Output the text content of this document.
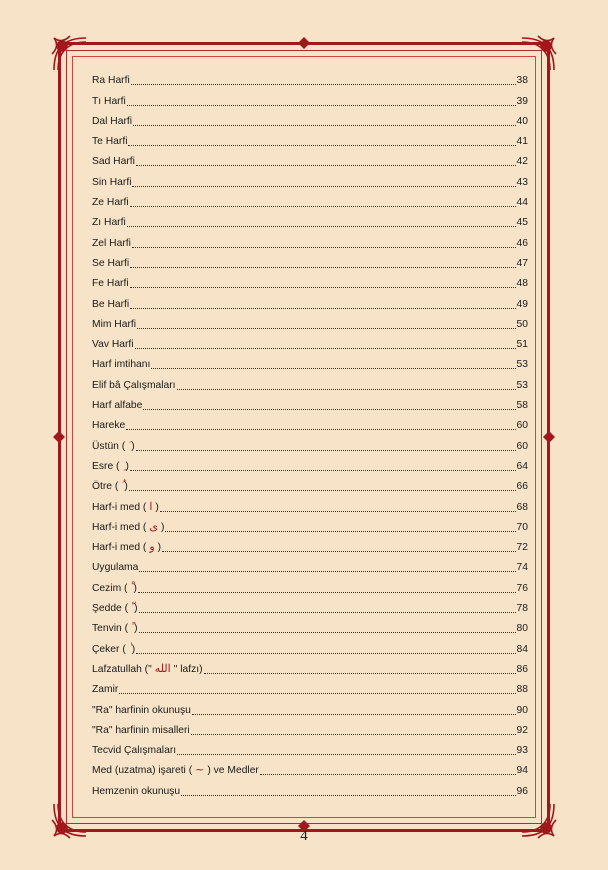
Ra Harfi	38
Tı Harfi	39
Dal Harfi	40
Te Harfi	41
Sad Harfi	42
Sin Harfi	43
Ze Harfi	44
Zı Harfi	45
Zel Harfi	46
Se Harfi	47
Fe Harfi	48
Be Harfi	49
Mim Harfi	50
Vav Harfi	51
Harf imtihanı	53
Elif bâ Çalışmaları	53
Harf alfabe	58
Hareke	60
Üstün ( )	60
Esre ( )	64
Ötre ( )	66
Harf-i med ( ا )	68
Harf-i med ( ی )	70
Harf-i med ( و )	72
Uygulama	74
Cezim ( )	76
Şedde ( )	78
Tenvin ( )	80
Çeker ( )	84
Lafzatullah (" الله " lafzı)	86
Zamir	88
"Ra" harfinin okunuşu	90
"Ra" harfinin misalleri	92
Tecvid Çalışmaları	93
Med (uzatma) işareti ( ~ ) ve Medler	94
Hemzenin okunuşu	96
4
